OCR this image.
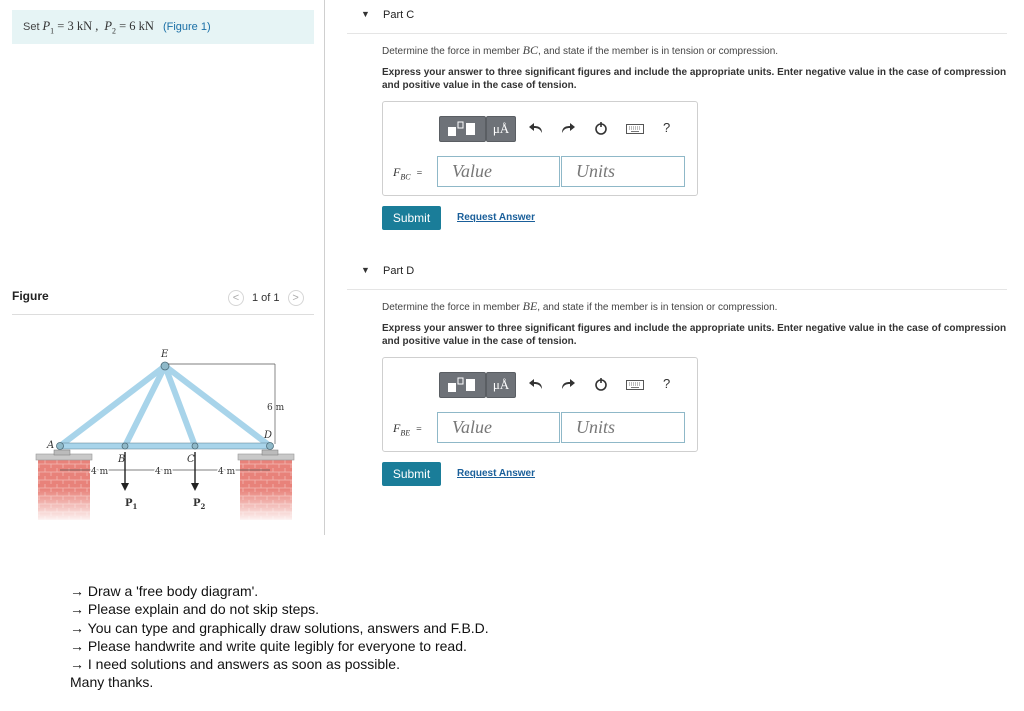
Set $P_1 = 3$ kN , $P_2 = 6$ kN (Figure 1)
Figure	<	1 of 1	>
E
A
B	C
D
6 m
4 m	4 m	4 m
$P_1$	$P_2$
▼ Part C
Determine the force in member BC, and state if the member is in tension or compression.
Express your answer to three significant figures and include the appropriate units. Enter negative value in the case of compression and positive value in the case of tension.
μÅ	?
$F_{BC}$ =	Value	Units
Submit	Request Answer
▼ Part D
Determine the force in member BE, and state if the member is in tension or compression.
Express your answer to three significant figures and include the appropriate units. Enter negative value in the case of compression and positive value in the case of tension.
μÅ	?
$F_{BE}$ =	Value	Units
Submit	Request Answer
→ Draw a 'free body diagram'.
→ Please explain and do not skip steps.
→ You can type and graphically draw solutions, answers and F.B.D.
→ Please handwrite and write quite legibly for everyone to read.
→ I need solutions and answers as soon as possible.
Many thanks.
